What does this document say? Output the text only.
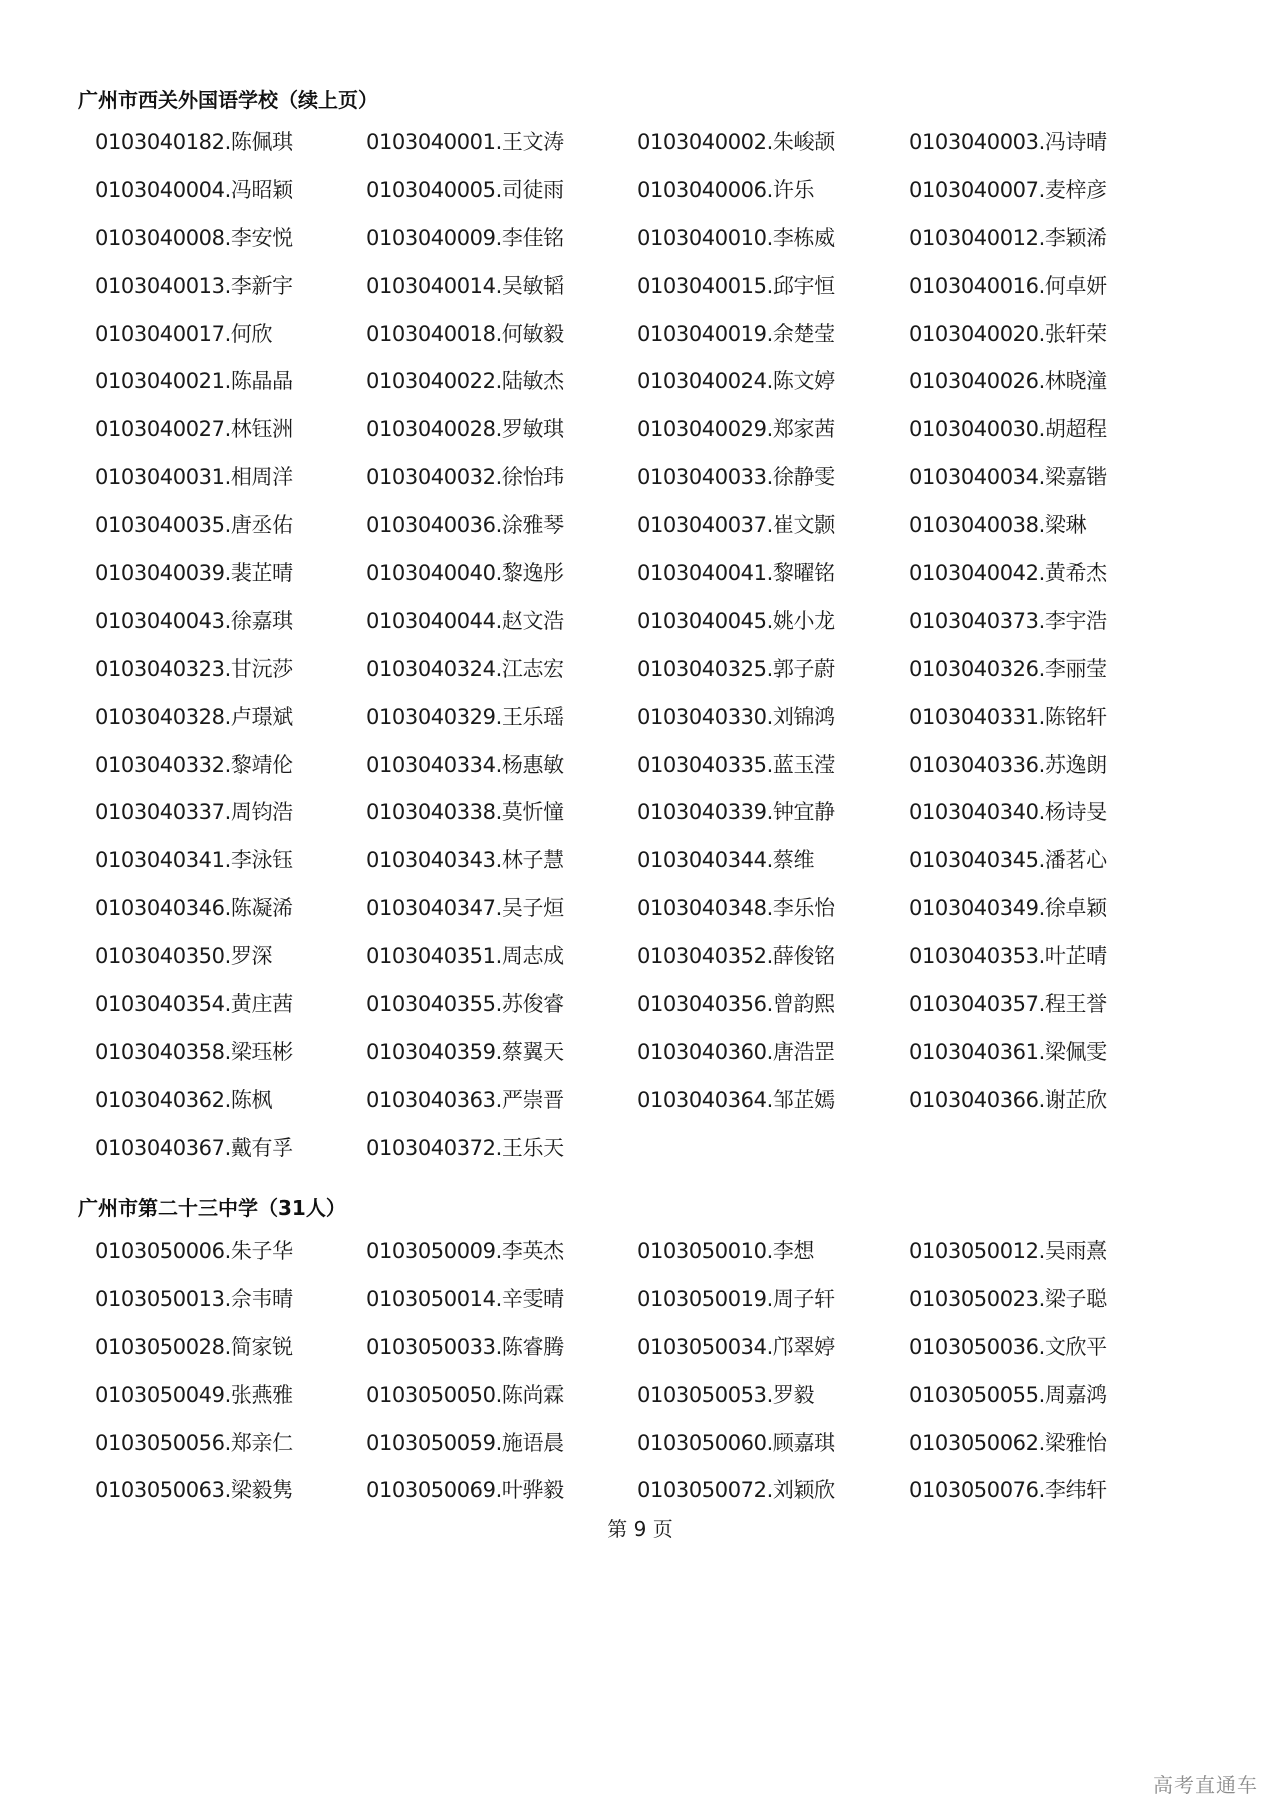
广州市西关外国语学校（续上页）
0103040182.陈佩琪	0103040001.王文涛	0103040002.朱峻颉	0103040003.冯诗晴
0103040004.冯昭颖	0103040005.司徒雨	0103040006.许乐	0103040007.麦梓彦
0103040008.李安悦	0103040009.李佳铭	0103040010.李栋威	0103040012.李颖浠
0103040013.李新宇	0103040014.吴敏韬	0103040015.邱宇恒	0103040016.何卓妍
0103040017.何欣	0103040018.何敏毅	0103040019.余楚莹	0103040020.张轩荣
0103040021.陈晶晶	0103040022.陆敏杰	0103040024.陈文婷	0103040026.林晓潼
0103040027.林钰洲	0103040028.罗敏琪	0103040029.郑家茜	0103040030.胡超程
0103040031.相周洋	0103040032.徐怡玮	0103040033.徐静雯	0103040034.梁嘉锴
0103040035.唐丞佑	0103040036.涂雅琴	0103040037.崔文颢	0103040038.梁琳
0103040039.裴芷晴	0103040040.黎逸彤	0103040041.黎曜铭	0103040042.黄希杰
0103040043.徐嘉琪	0103040044.赵文浩	0103040045.姚小龙	0103040373.李宇浩
0103040323.甘沅莎	0103040324.江志宏	0103040325.郭子蔚	0103040326.李丽莹
0103040328.卢璟斌	0103040329.王乐瑶	0103040330.刘锦鸿	0103040331.陈铭轩
0103040332.黎靖伦	0103040334.杨惠敏	0103040335.蓝玉滢	0103040336.苏逸朗
0103040337.周钧浩	0103040338.莫忻憧	0103040339.钟宜静	0103040340.杨诗旻
0103040341.李泳钰	0103040343.林子慧	0103040344.蔡维	0103040345.潘茗心
0103040346.陈凝浠	0103040347.吴子烜	0103040348.李乐怡	0103040349.徐卓颖
0103040350.罗深	0103040351.周志成	0103040352.薛俊铭	0103040353.叶芷晴
0103040354.黄庄茜	0103040355.苏俊睿	0103040356.曾韵熙	0103040357.程王誉
0103040358.梁珏彬	0103040359.蔡翼天	0103040360.唐浩罡	0103040361.梁佩雯
0103040362.陈枫	0103040363.严崇晋	0103040364.邹芷嫣	0103040366.谢芷欣
0103040367.戴有孚	0103040372.王乐天
广州市第二十三中学（31人）
0103050006.朱子华	0103050009.李英杰	0103050010.李想	0103050012.吴雨熹
0103050013.佘韦晴	0103050014.辛雯晴	0103050019.周子轩	0103050023.梁子聪
0103050028.简家锐	0103050033.陈睿腾	0103050034.邝翠婷	0103050036.文欣平
0103050049.张燕雅	0103050050.陈尚霖	0103050053.罗毅	0103050055.周嘉鸿
0103050056.郑亲仁	0103050059.施语晨	0103050060.顾嘉琪	0103050062.梁雅怡
0103050063.梁毅隽	0103050069.叶骅毅	0103050072.刘颖欣	0103050076.李纬轩
第 9 页
高考直通车
